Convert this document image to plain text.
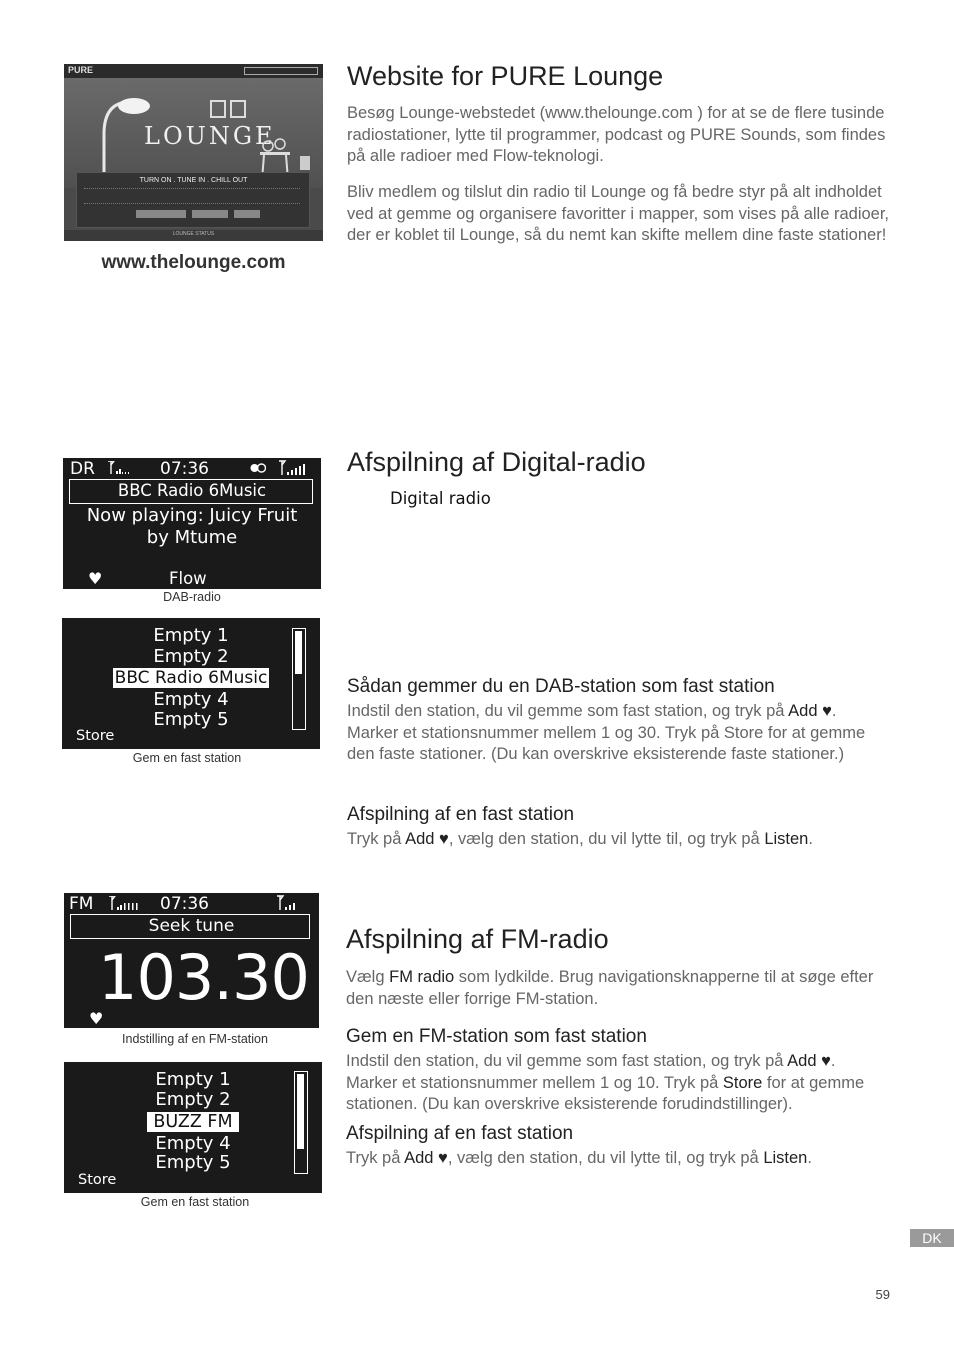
PURE
LOUNGE
TURN ON . TUNE IN . CHILL OUT
LOUNGE STATUS
www.thelounge.com
Website for PURE Lounge

Besøg Lounge-webstedet (www.thelounge.com ) for at se de flere tusinde radiostationer, lytte til programmer, podcast og PURE Sounds, som findes på alle radioer med Flow-teknologi.

Bliv medlem og tilslut din radio til Lounge og få bedre styr på alt indholdet ved at gemme og organisere favoritter i mapper, som vises på alle radioer, der er koblet til Lounge, så du nemt kan skifte mellem dine faste stationer!

DR	07:36
BBC Radio 6Music
Now playing: Juicy Fruit
by Mtume
♥	Flow
DAB-radio
Empty 1
Empty 2
BBC Radio 6Music
Empty 4
Empty 5
Store
Gem en fast station
Afspilning af Digital-radio
Digital radio
Sådan gemmer du en DAB-station som fast station

Indstil den station, du vil gemme som fast station, og tryk på Add ♥. Marker et stationsnummer mellem 1 og 30. Tryk på Store for at gemme den faste stationer. (Du kan overskrive eksisterende faste stationer.)

Afspilning af en fast station

Tryk på Add ♥, vælg den station, du vil lytte til, og tryk på Listen.

FM	07:36
Seek tune
103.30
♥
Indstilling af en FM-station
Empty 1
Empty 2
BUZZ FM
Empty 4
Empty 5
Store
Gem en fast station
Afspilning af FM-radio

Vælg FM radio som lydkilde. Brug navigationsknapperne til at søge efter den næste eller forrige FM-station.

Gem en FM-station som fast station

Indstil den station, du vil gemme som fast station, og tryk på Add ♥. Marker et stationsnummer mellem 1 og 10. Tryk på Store for at gemme stationen. (Du kan overskrive eksisterende forudindstillinger).

Afspilning af en fast station

Tryk på Add ♥, vælg den station, du vil lytte til, og tryk på Listen.

DK
59
